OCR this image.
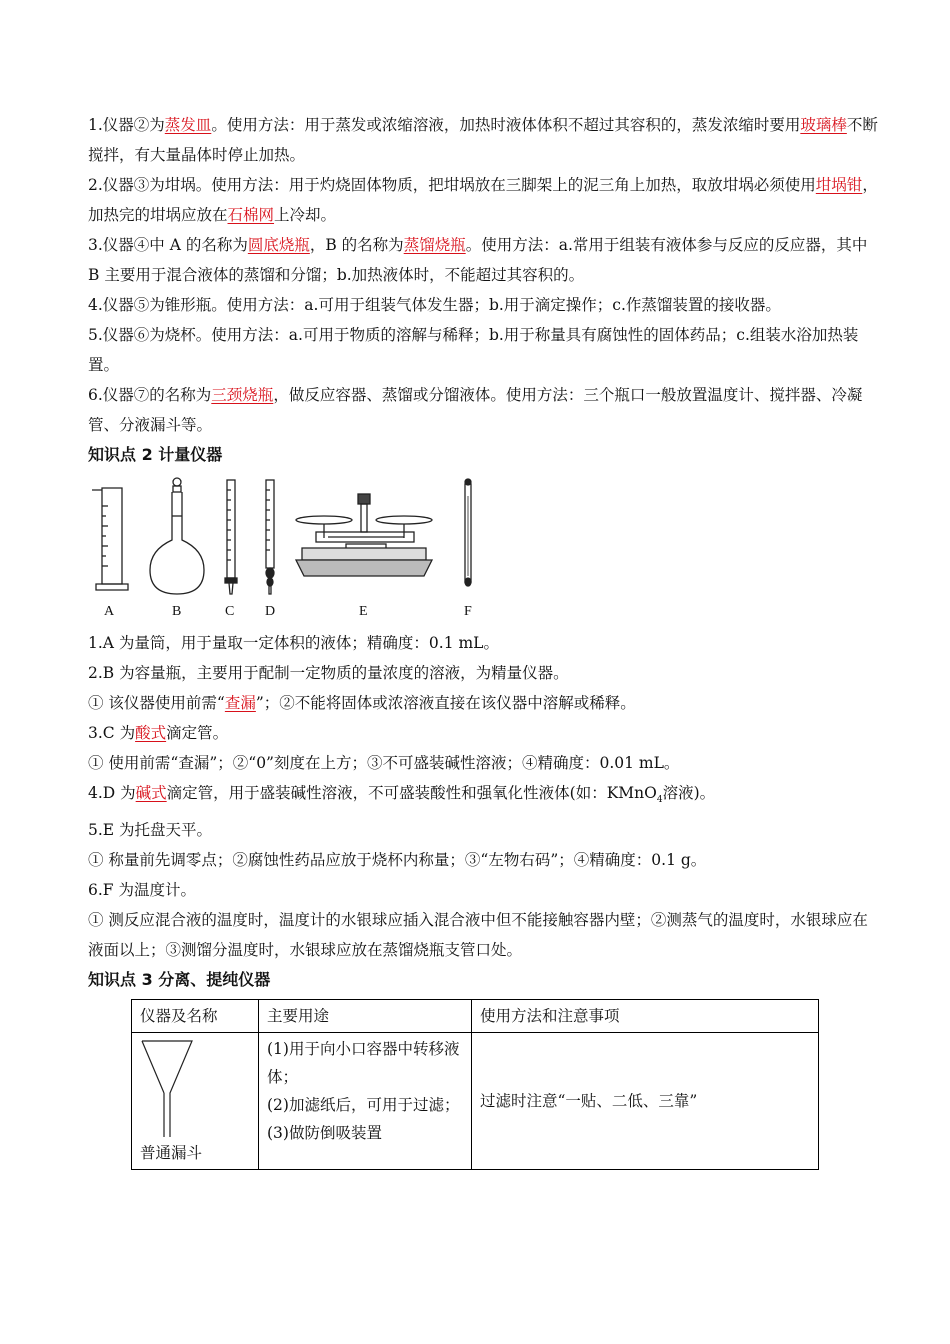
1.仪器②为蒸发皿。使用方法：用于蒸发或浓缩溶液，加热时液体体积不超过其容积的，蒸发浓缩时要用玻璃棒不断搅拌，有大量晶体时停止加热。

2.仪器③为坩埚。使用方法：用于灼烧固体物质，把坩埚放在三脚架上的泥三角上加热，取放坩埚必须使用坩埚钳，加热完的坩埚应放在石棉网上冷却。

3.仪器④中 A 的名称为圆底烧瓶，B 的名称为蒸馏烧瓶。使用方法：a.常用于组装有液体参与反应的反应器，其中 B 主要用于混合液体的蒸馏和分馏；b.加热液体时，不能超过其容积的。

4.仪器⑤为锥形瓶。使用方法：a.可用于组装气体发生器；b.用于滴定操作；c.作蒸馏装置的接收器。

5.仪器⑥为烧杯。使用方法：a.可用于物质的溶解与稀释；b.用于称量具有腐蚀性的固体药品；c.组装水浴加热装置。

6.仪器⑦的名称为三颈烧瓶，做反应容器、蒸馏或分馏液体。使用方法：三个瓶口一般放置温度计、搅拌器、冷凝管、分液漏斗等。

知识点 2 计量仪器
A	B	C D	E	F

1.A 为量筒，用于量取一定体积的液体；精确度：0.1 mL。

2.B 为容量瓶，主要用于配制一定物质的量浓度的溶液，为精量仪器。

① 该仪器使用前需“查漏”；②不能将固体或浓溶液直接在该仪器中溶解或稀释。

3.C 为酸式滴定管。

① 使用前需“查漏”；②“0”刻度在上方；③不可盛装碱性溶液；④精确度：0.01 mL。

4.D 为碱式滴定管，用于盛装碱性溶液，不可盛装酸性和强氧化性液体(如：KMnO$_4$溶液)。

5.E 为托盘天平。

① 称量前先调零点；②腐蚀性药品应放于烧杯内称量；③“左物右码”；④精确度：0.1 g。

6.F 为温度计。

① 测反应混合液的温度时，温度计的水银球应插入混合液中但不能接触容器内壁；②测蒸气的温度时，水银球应在液面以上；③测馏分温度时，水银球应放在蒸馏烧瓶支管口处。

知识点 3 分离、提纯仪器
仪器及名称	主要用途	使用方法和注意事项

普通漏斗	(1)用于向小口容器中转移液体；
(2)加滤纸后，可用于过滤；
(3)做防倒吸装置	过滤时注意“一贴、二低、三靠”
